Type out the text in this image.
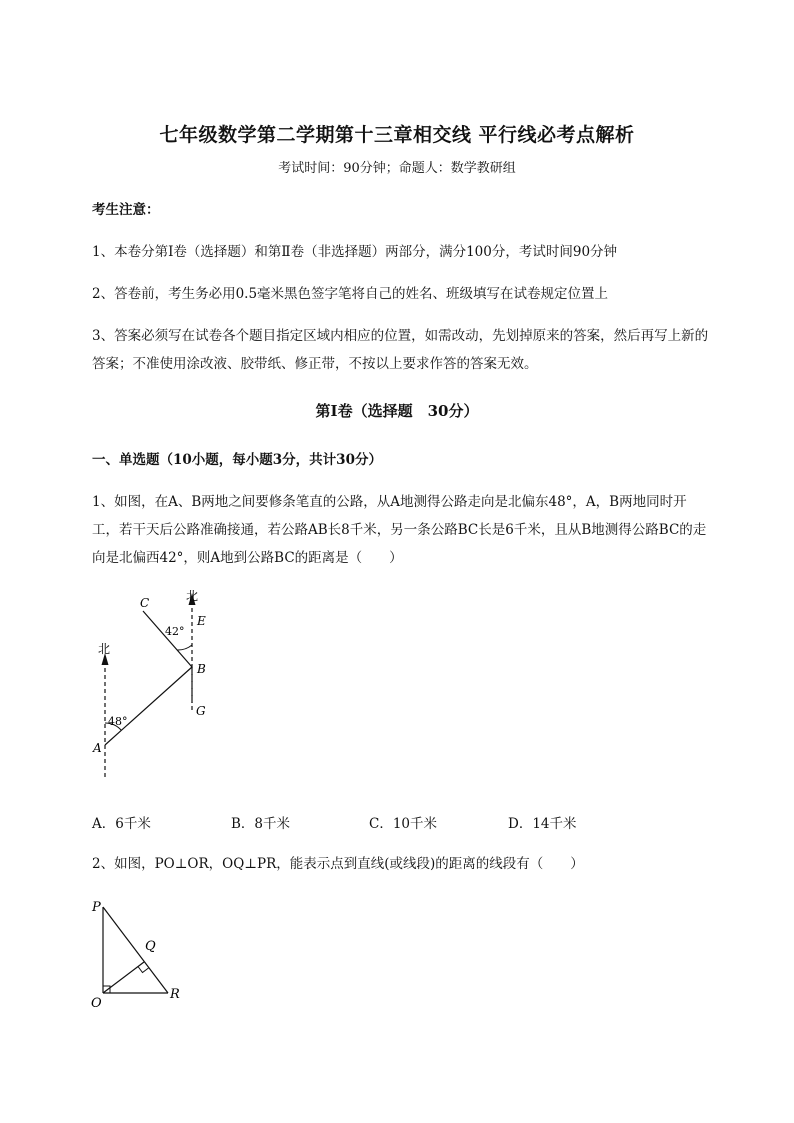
七年级数学第二学期第十三章相交线 平行线必考点解析
考试时间：90分钟；命题人：数学教研组
考生注意：
1、本卷分第Ⅰ卷（选择题）和第Ⅱ卷（非选择题）两部分，满分100分，考试时间90分钟
2、答卷前，考生务必用0.5毫米黑色签字笔将自己的姓名、班级填写在试卷规定位置上
3、答案必须写在试卷各个题目指定区域内相应的位置，如需改动，先划掉原来的答案，然后再写上新的答案；不准使用涂改液、胶带纸、修正带，不按以上要求作答的答案无效。
第Ⅰ卷（选择题　30分）
一、单选题（10小题，每小题3分，共计30分）
1、如图，在A、B两地之间要修条笔直的公路，从A地测得公路走向是北偏东48°，A，B两地同时开工，若干天后公路准确接通，若公路AB长8千米，另一条公路BC长是6千米，且从B地测得公路BC的走向是北偏西42°，则A地到公路BC的距离是（　　）
北
北
48°
42°
A
B
C
E
G
A．6千米	B．8千米	C．10千米	D．14千米
2、如图，PO⊥OR，OQ⊥PR，能表示点到直线(或线段)的距离的线段有（　　）
P
Q
O
R
